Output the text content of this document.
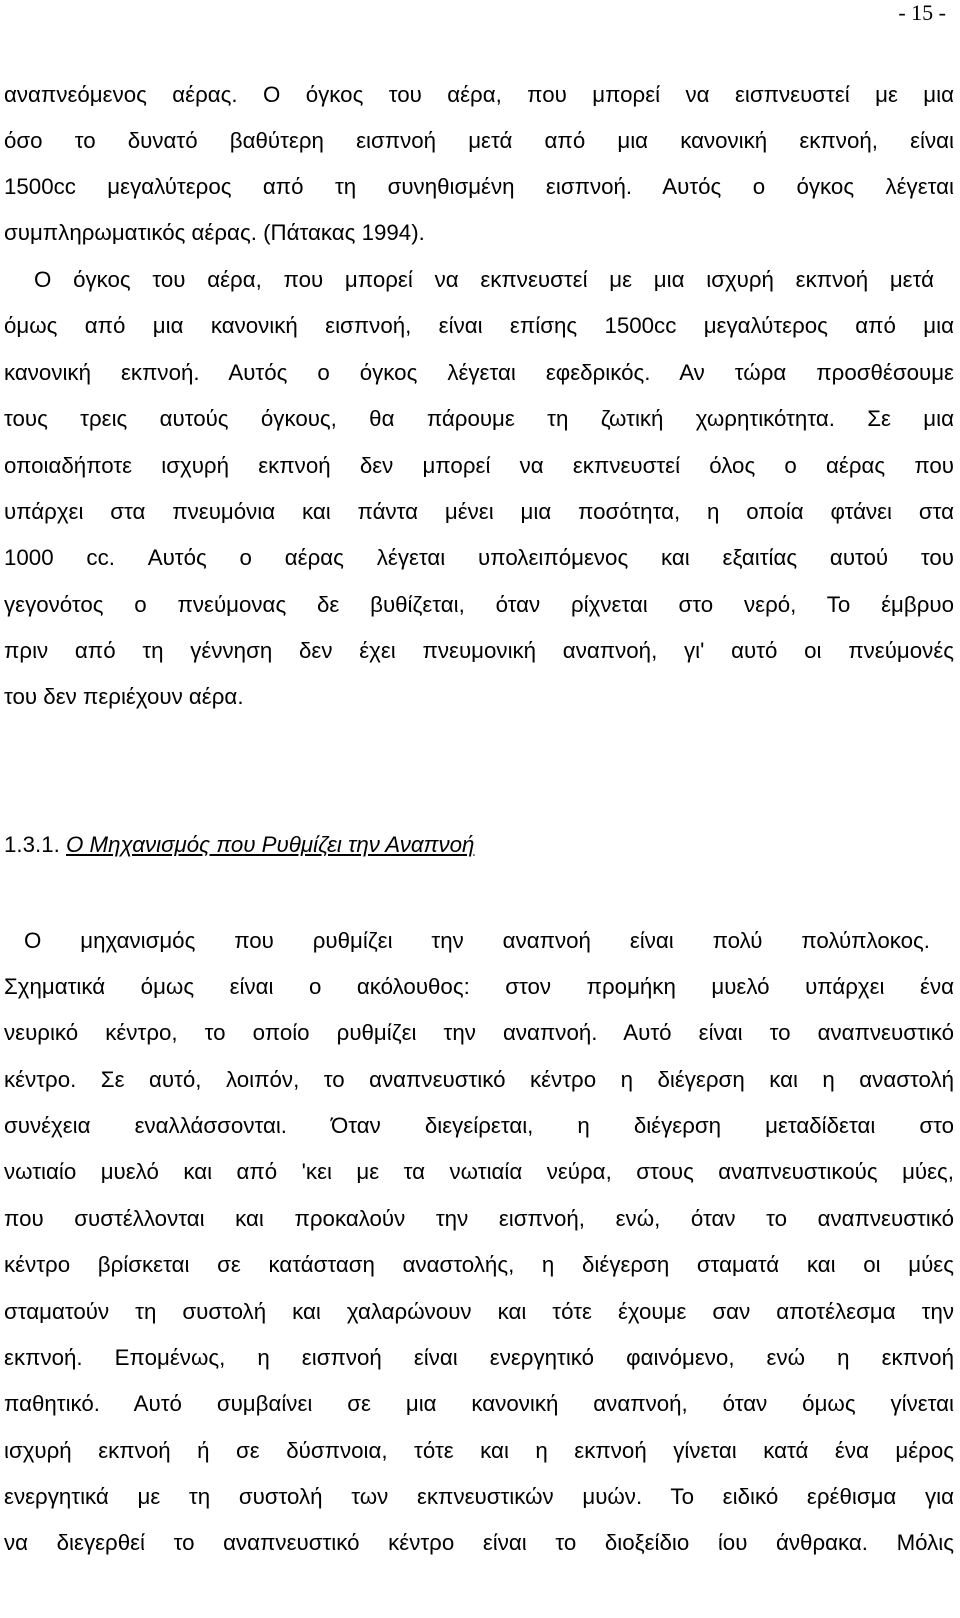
- 15 -
αναπνεόμενος αέρας. Ο όγκος του αέρα, που μπορεί να εισπνευστεί με μια
όσο το δυνατό βαθύτερη εισπνοή μετά από μια κανονική εκπνοή, είναι
1500cc μεγαλύτερος από τη συνηθισμένη εισπνοή. Αυτός ο όγκος λέγεται
συμπληρωματικός αέρας. (Πάτακας 1994).
Ο όγκος του αέρα, που μπορεί να εκπνευστεί με μια ισχυρή εκπνοή μετά
όμως από μια κανονική εισπνοή, είναι επίσης 1500cc μεγαλύτερος από μια
κανονική εκπνοή. Αυτός ο όγκος λέγεται εφεδρικός. Αν τώρα προσθέσουμε
τους τρεις αυτούς όγκους, θα πάρουμε τη ζωτική χωρητικότητα. Σε μια
οποιαδήποτε ισχυρή εκπνοή δεν μπορεί να εκπνευστεί όλος ο αέρας που
υπάρχει στα πνευμόνια και πάντα μένει μια ποσότητα, η οποία φτάνει στα
1000 cc. Αυτός ο αέρας λέγεται υπολειπόμενος και εξαιτίας αυτού του
γεγονότος ο πνεύμονας δε βυθίζεται, όταν ρίχνεται στο νερό, Το έμβρυο
πριν από τη γέννηση δεν έχει πνευμονική αναπνοή, γι' αυτό οι πνεύμονές
του δεν περιέχουν αέρα.
1.3.1. Ο Μηχανισμός που Ρυθμίζει την Αναπνοή
Ο μηχανισμός που ρυθμίζει την αναπνοή είναι πολύ πολύπλοκος.
Σχηματικά όμως είναι ο ακόλουθος: στον προμήκη μυελό υπάρχει ένα
νευρικό κέντρο, το οποίο ρυθμίζει την αναπνοή. Αυτό είναι το αναπνευστικό
κέντρο. Σε αυτό, λοιπόν, το αναπνευστικό κέντρο η διέγερση και η αναστολή
συνέχεια εναλλάσσονται. Όταν διεγείρεται, η διέγερση μεταδίδεται στο
νωτιαίο μυελό και από 'κει με τα νωτιαία νεύρα, στους αναπνευστικούς μύες,
που συστέλλονται και προκαλούν την εισπνοή, ενώ, όταν το αναπνευστικό
κέντρο βρίσκεται σε κατάσταση αναστολής, η διέγερση σταματά και οι μύες
σταματούν τη συστολή και χαλαρώνουν και τότε έχουμε σαν αποτέλεσμα την
εκπνοή. Επομένως, η εισπνοή είναι ενεργητικό φαινόμενο, ενώ η εκπνοή
παθητικό. Αυτό συμβαίνει σε μια κανονική αναπνοή, όταν όμως γίνεται
ισχυρή εκπνοή ή σε δύσπνοια, τότε και η εκπνοή γίνεται κατά ένα μέρος
ενεργητικά με τη συστολή των εκπνευστικών μυών. Το ειδικό ερέθισμα για
να διεγερθεί το αναπνευστικό κέντρο είναι το διοξείδιο ίου άνθρακα. Μόλις
